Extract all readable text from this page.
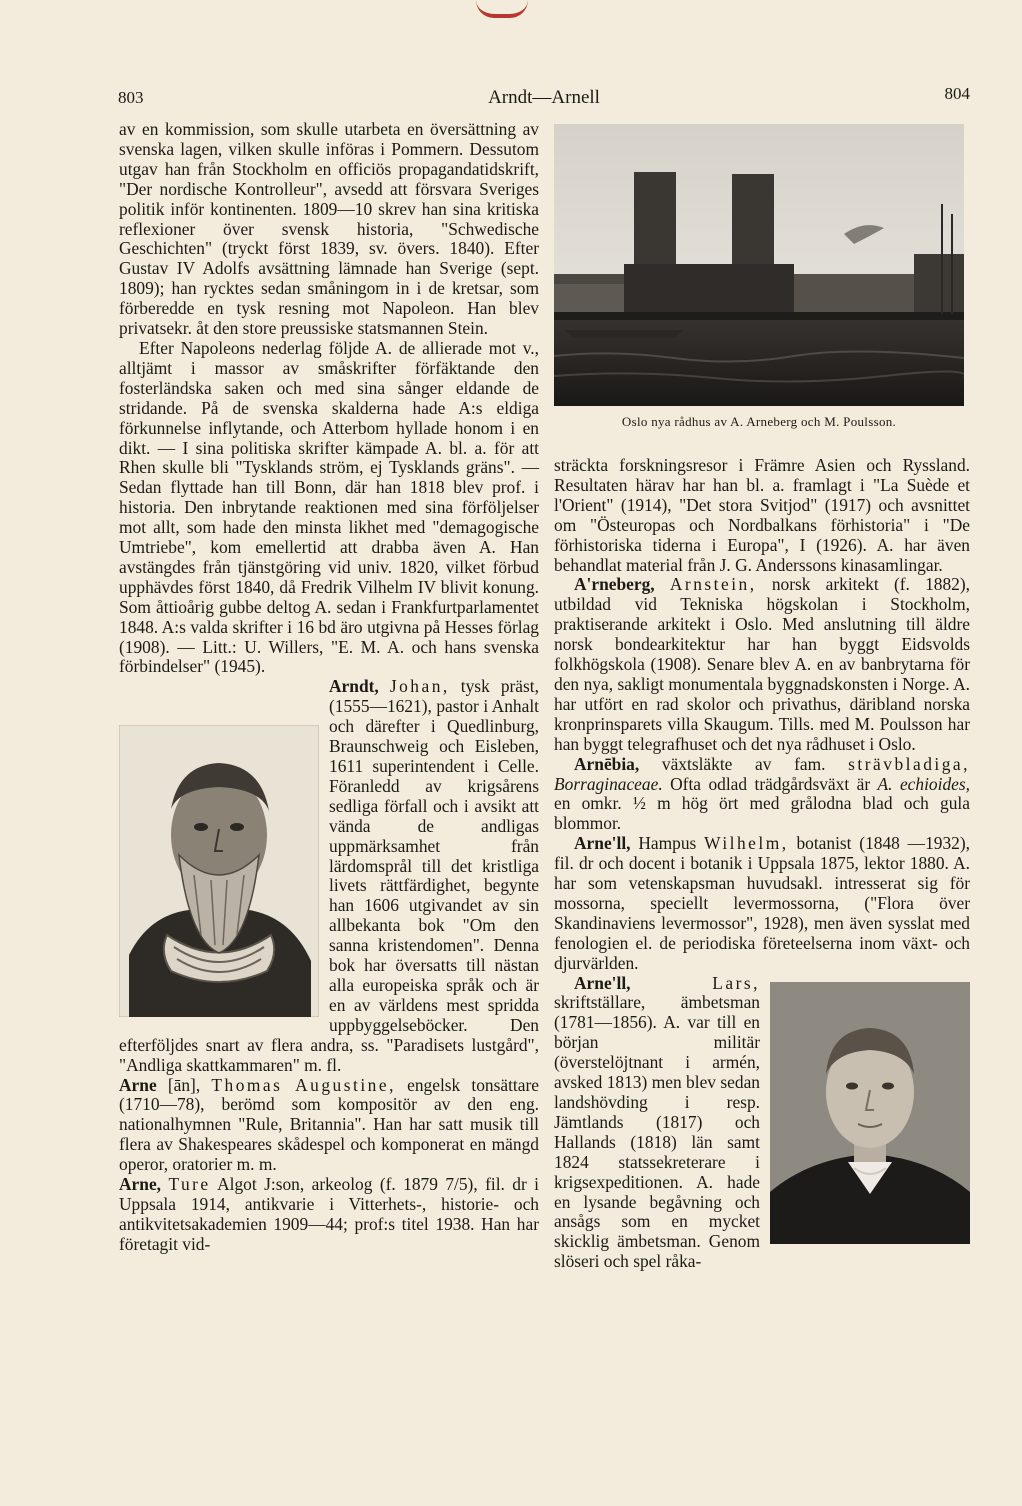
803	Arndt—Arnell	804

av en kommission, som skulle utarbeta en översättning av svenska lagen, vilken skulle införas i Pommern. Dessutom utgav han från Stockholm en officiös propagandatidskrift, "Der nordische Kontrolleur", avsedd att försvara Sveriges politik inför kontinenten. 1809—10 skrev han sina kritiska reflexioner över svensk historia, "Schwedische Geschichten" (tryckt först 1839, sv. övers. 1840). Efter Gustav IV Adolfs avsättning lämnade han Sverige (sept. 1809); han rycktes sedan småningom in i de kretsar, som förberedde en tysk resning mot Napoleon. Han blev privatsekr. åt den store preussiske statsmannen Stein.

Efter Napoleons nederlag följde A. de allierade mot v., alltjämt i massor av småskrifter förfäktande den fosterländska saken och med sina sånger eldande de stridande. På de svenska skalderna hade A:s eldiga förkunnelse inflytande, och Atterbom hyllade honom i en dikt. — I sina politiska skrifter kämpade A. bl. a. för att Rhen skulle bli "Tysklands ström, ej Tysklands gräns". — Sedan flyttade han till Bonn, där han 1818 blev prof. i historia. Den inbrytande reaktionen med sina förföljelser mot allt, som hade den minsta likhet med "demagogische Umtriebe", kom emellertid att drabba även A. Han avstängdes från tjänstgöring vid univ. 1820, vilket förbud upphävdes först 1840, då Fredrik Vilhelm IV blivit konung. Som åttioårig gubbe deltog A. sedan i Frankfurtparlamentet 1848. A:s valda skrifter i 16 bd äro utgivna på Hesses förlag (1908). — Litt.: U. Willers, "E. M. A. och hans svenska förbindelser" (1945).

Arndt, Johan, tysk präst, (1555—1621), pastor i Anhalt och därefter i Quedlinburg, Braunschweig och Eisleben, 1611 superintendent i Celle. Föranledd av krigsårens sedliga förfall och i avsikt att vända de andligas uppmärksamhet från lärdomsprål till det kristliga livets rättfärdighet, begynte han 1606 utgivandet av sin allbekanta bok "Om den sanna kristendomen". Denna bok har översatts till nästan alla europeiska språk och är en av världens mest spridda uppbyggelseböcker. Den efterföljdes snart av flera andra, ss. "Paradisets lustgård", "Andliga skattkammaren" m. fl.

Arne [ān], Thomas Augustine, engelsk tonsättare (1710—78), berömd som kompositör av den eng. nationalhymnen "Rule, Britannia". Han har satt musik till flera av Shakespeares skådespel och komponerat en mängd operor, oratorier m. m.

Arne, Ture Algot J:son, arkeolog (f. 1879 7/5), fil. dr i Uppsala 1914, antikvarie i Vitterhets-, historie- och antikvitetsakademien 1909—44; prof:s titel 1938. Han har företagit vid-

Oslo nya rådhus av A. Arneberg och M. Poulsson.

sträckta forskningsresor i Främre Asien och Ryssland. Resultaten härav har han bl. a. framlagt i "La Suède et l'Orient" (1914), "Det stora Svitjod" (1917) och avsnittet om "Östeuropas och Nordbalkans förhistoria" i "De förhistoriska tiderna i Europa", I (1926). A. har även behandlat material från J. G. Anderssons kinasamlingar.

A'rneberg, Arnstein, norsk arkitekt (f. 1882), utbildad vid Tekniska högskolan i Stockholm, praktiserande arkitekt i Oslo. Med anslutning till äldre norsk bondearkitektur har han byggt Eidsvolds folkhögskola (1908). Senare blev A. en av banbrytarna för den nya, sakligt monumentala byggnadskonsten i Norge. A. har utfört en rad skolor och privathus, däribland norska kronprinsparets villa Skaugum. Tills. med M. Poulsson har han byggt telegrafhuset och det nya rådhuset i Oslo.

Arnēbia, växtsläkte av fam. strävbladiga, Borraginaceae. Ofta odlad trädgårdsväxt är A. echioides, en omkr. ½ m hög ört med grålodna blad och gula blommor.

Arne'll, Hampus Wilhelm, botanist (1848 —1932), fil. dr och docent i botanik i Uppsala 1875, lektor 1880. A. har som vetenskapsman huvudsakl. intresserat sig för mossorna, speciellt levermossorna, ("Flora över Skandinaviens levermossor", 1928), men även sysslat med fenologien el. de periodiska företeelserna inom växt- och djurvärlden.

Arne'll,	Lars,
skriftställare, ämbetsman (1781—1856). A. var till en början militär (överstelöjtnant i armén, avsked 1813) men blev sedan landshövding i resp. Jämtlands (1817) och Hallands (1818) län samt 1824 statssekreterare i krigsexpeditionen. A. hade en lysande begåvning och ansågs som en mycket skicklig ämbetsman. Genom slöseri och spel råka-
